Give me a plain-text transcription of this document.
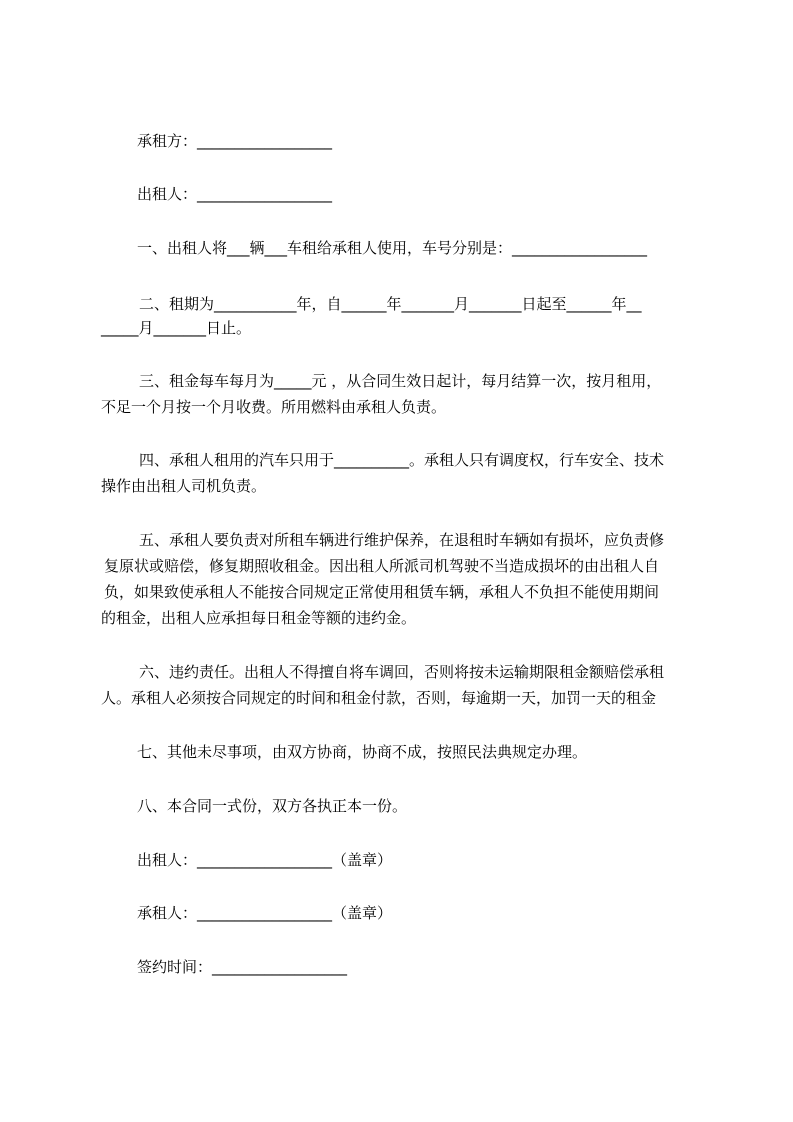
承租方：__________________
出租人：__________________
一、出租人将___辆___车租给承租人使用，车号分别是：__________________
二、租期为___________年，自______年_______月_______日起至______年__
_____月_______日止。
三、租金每车每月为_____元 ，从合同生效日起计，每月结算一次，按月租用，
不足一个月按一个月收费。所用燃料由承租人负责。
四、承租人租用的汽车只用于__________。承租人只有调度权，行车安全、技术
操作由出租人司机负责。
五、承租人要负责对所租车辆进行维护保养，在退租时车辆如有损坏，应负责修
复原状或赔偿，修复期照收租金。因出租人所派司机驾驶不当造成损坏的由出租人自
负，如果致使承租人不能按合同规定正常使用租赁车辆，承租人不负担不能使用期间
的租金，出租人应承担每日租金等额的违约金。
六、违约责任。出租人不得擅自将车调回，否则将按未运输期限租金额赔偿承租
人。承租人必须按合同规定的时间和租金付款，否则，每逾期一天，加罚一天的租金
七、其他未尽事项，由双方协商，协商不成，按照民法典规定办理。
八、本合同一式份，双方各执正本一份。
出租人：__________________（盖章）
承租人：__________________（盖章）
签约时间：__________________
